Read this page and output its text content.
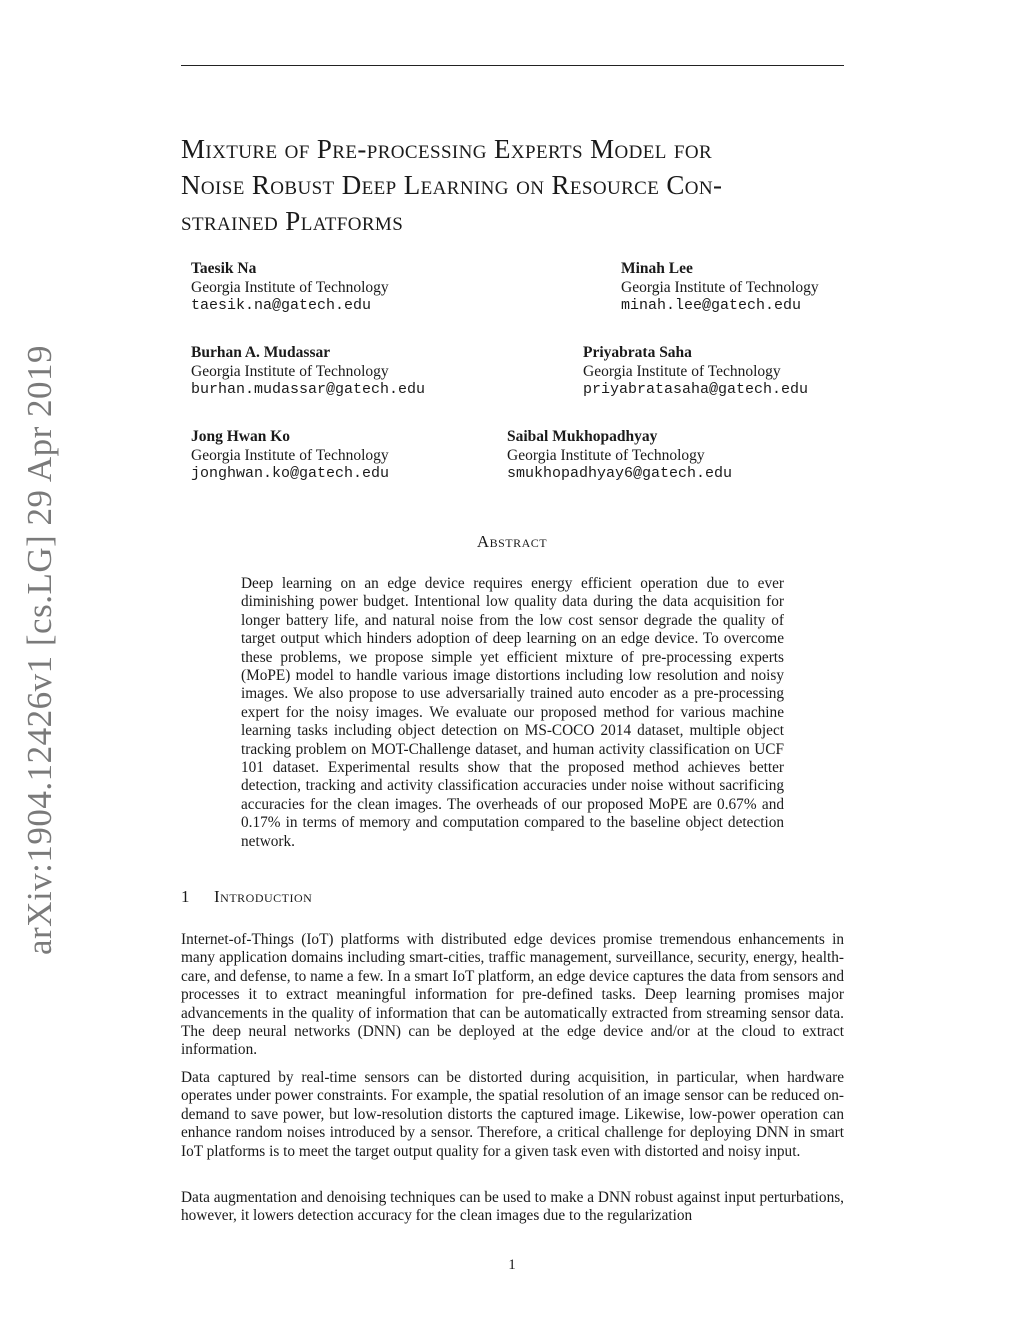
arXiv:1904.12426v1 [cs.LG] 29 Apr 2019
Mixture of Pre-processing Experts Model for
Noise Robust Deep Learning on Resource Con-
strained Platforms
Taesik Na
Georgia Institute of Technology
taesik.na@gatech.edu
Minah Lee
Georgia Institute of Technology
minah.lee@gatech.edu
Burhan A. Mudassar
Georgia Institute of Technology
burhan.mudassar@gatech.edu
Priyabrata Saha
Georgia Institute of Technology
priyabratasaha@gatech.edu
Jong Hwan Ko
Georgia Institute of Technology
jonghwan.ko@gatech.edu
Saibal Mukhopadhyay
Georgia Institute of Technology
smukhopadhyay6@gatech.edu
Abstract

Deep learning on an edge device requires energy efficient operation due to ever diminishing power budget. Intentional low quality data during the data acquisition for longer battery life, and natural noise from the low cost sensor degrade the quality of target output which hinders adoption of deep learning on an edge device. To overcome these problems, we propose simple yet efficient mixture of pre-processing experts (MoPE) model to handle various image distortions including low resolution and noisy images. We also propose to use adversarially trained auto encoder as a pre-processing expert for the noisy images. We evaluate our proposed method for various machine learning tasks including object detection on MS-COCO 2014 dataset, multiple object tracking problem on MOT-Challenge dataset, and human activity classification on UCF 101 dataset. Experimental results show that the proposed method achieves better detection, tracking and activity classification accuracies under noise without sacrificing accuracies for the clean images. The overheads of our proposed MoPE are 0.67% and 0.17% in terms of memory and computation compared to the baseline object detection network.

1 Introduction

Internet-of-Things (IoT) platforms with distributed edge devices promise tremendous enhancements in many application domains including smart-cities, traffic management, surveillance, security, energy, health-care, and defense, to name a few. In a smart IoT platform, an edge device captures the data from sensors and processes it to extract meaningful information for pre-defined tasks. Deep learning promises major advancements in the quality of information that can be automatically extracted from streaming sensor data. The deep neural networks (DNN) can be deployed at the edge device and/or at the cloud to extract information.

Data captured by real-time sensors can be distorted during acquisition, in particular, when hardware operates under power constraints. For example, the spatial resolution of an image sensor can be reduced on-demand to save power, but low-resolution distorts the captured image. Likewise, low-power operation can enhance random noises introduced by a sensor. Therefore, a critical challenge for deploying DNN in smart IoT platforms is to meet the target output quality for a given task even with distorted and noisy input.

Data augmentation and denoising techniques can be used to make a DNN robust against input perturbations, however, it lowers detection accuracy for the clean images due to the regularization

1
